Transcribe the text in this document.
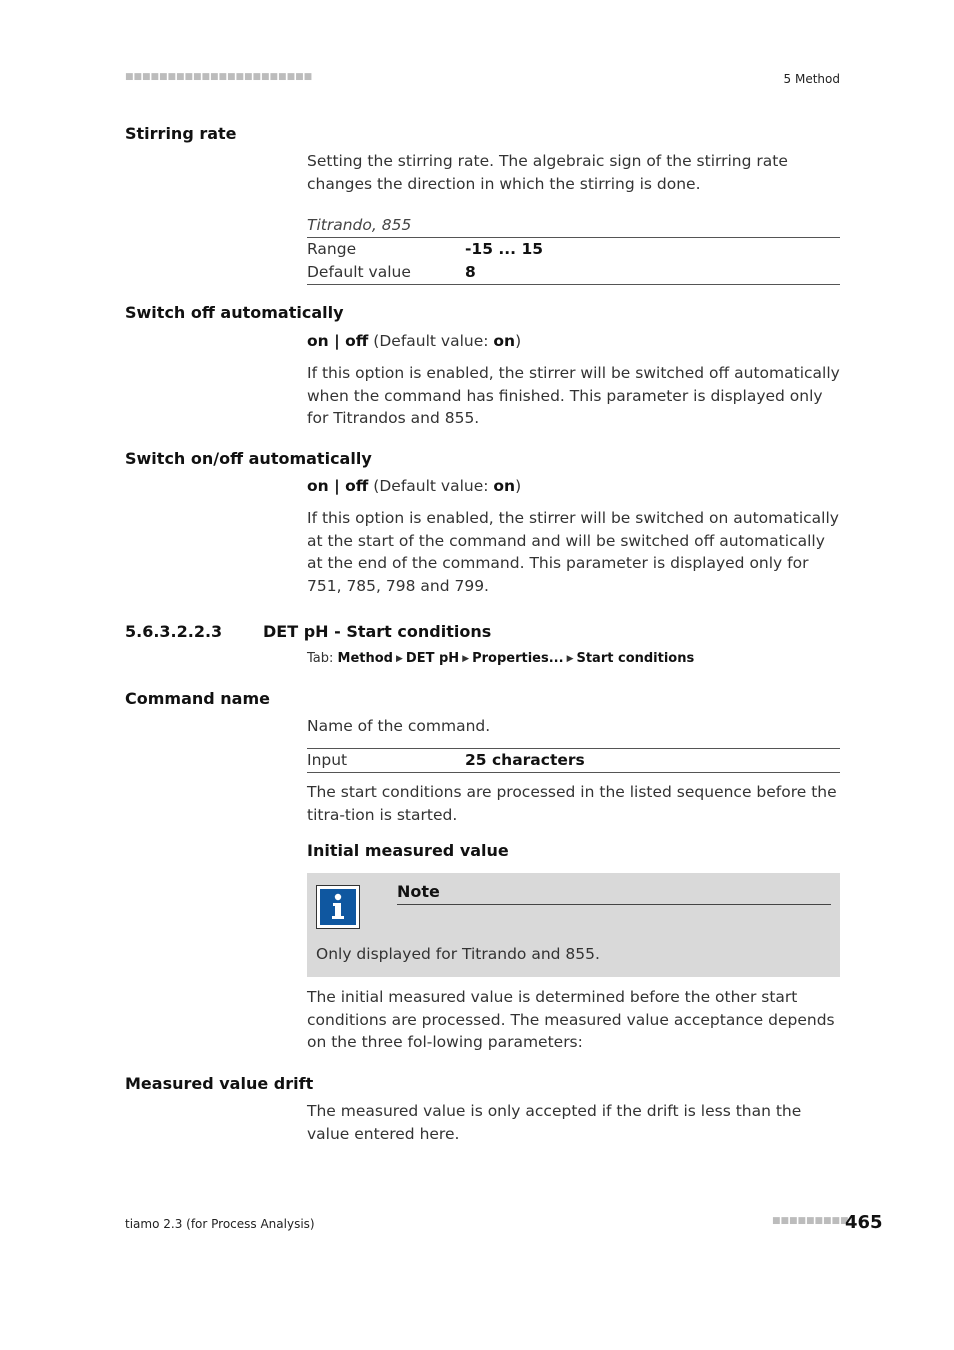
■■■■■■■■■■■■■■■■■■■■■■	5 Method
Stirring rate
Setting the stirring rate. The algebraic sign of the stirring rate changes the direction in which the stirring is done.
Titrando, 855
Range	-15 ... 15
Default value	8
Switch off automatically
on | off (Default value: on)
If this option is enabled, the stirrer will be switched off automatically when the command has finished. This parameter is displayed only for Titrandos and 855.
Switch on/off automatically
on | off (Default value: on)
If this option is enabled, the stirrer will be switched on automatically at the start of the command and will be switched off automatically at the end of the command. This parameter is displayed only for 751, 785, 798 and 799.
5.6.3.2.2.3	DET pH - Start conditions
Tab: Method ▶ DET pH ▶ Properties... ▶ Start conditions
Command name
Name of the command.
Input	25 characters
The start conditions are processed in the listed sequence before the titra-tion is started.
Initial measured value
Note
Only displayed for Titrando and 855.
The initial measured value is determined before the other start conditions are processed. The measured value acceptance depends on the three fol-lowing parameters:
Measured value drift
The measured value is only accepted if the drift is less than the value entered here.
tiamo 2.3 (for Process Analysis)	■■■■■■■■■
465
